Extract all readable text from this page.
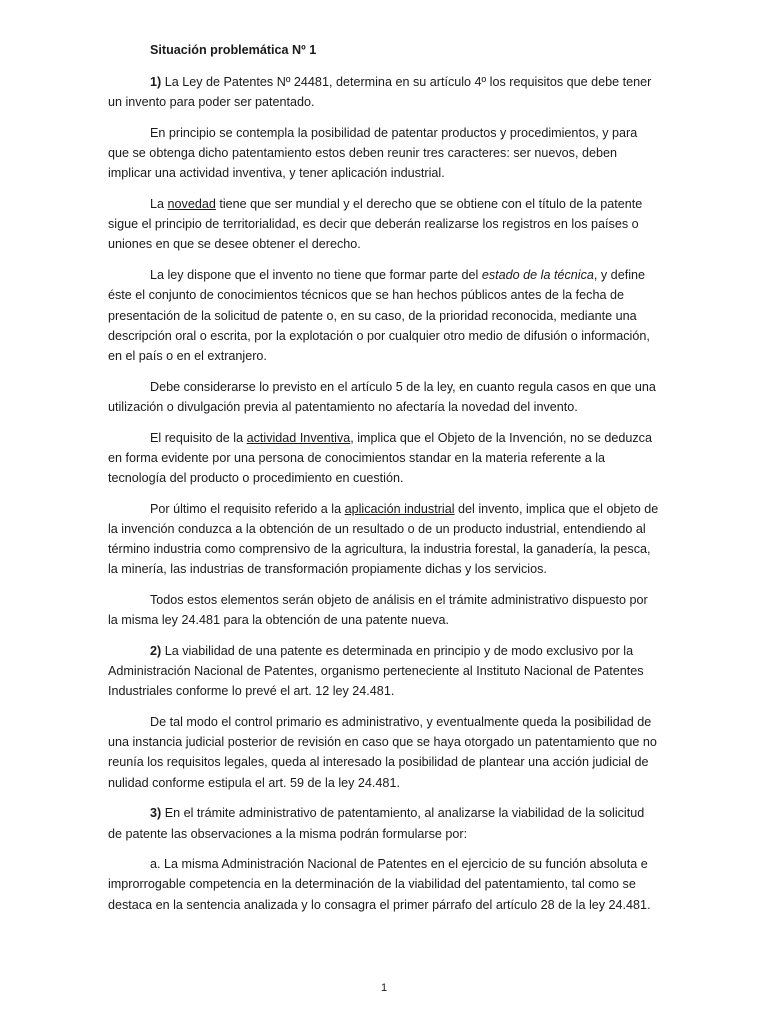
Situación problemática Nº 1

1) La Ley de Patentes Nº 24481, determina en su artículo 4º los requisitos que debe tener un invento para poder ser patentado.

En principio se contempla la posibilidad de patentar productos y procedimientos, y para que se obtenga dicho patentamiento estos deben reunir tres caracteres: ser nuevos, deben implicar una actividad inventiva, y tener aplicación industrial.

La novedad tiene que ser mundial y el derecho que se obtiene con el título de la patente sigue el principio de territorialidad, es decir que deberán realizarse los registros en los países o uniones en que se desee obtener el derecho.

La ley dispone que el invento no tiene que formar parte del estado de la técnica, y define éste el conjunto de conocimientos técnicos que se han hechos públicos antes de la fecha de presentación de la solicitud de patente o, en su caso, de la prioridad reconocida, mediante una descripción oral o escrita, por la explotación o por cualquier otro medio de difusión o información, en el país o en el extranjero.

Debe considerarse lo previsto en el artículo 5 de la ley, en cuanto regula casos en que una utilización o divulgación previa al patentamiento no afectaría la novedad del invento.

El requisito de la actividad Inventiva, implica que el Objeto de la Invención, no se deduzca en forma evidente por una persona de conocimientos standar en la materia referente a la tecnología del producto o procedimiento en cuestión.

Por último el requisito referido a la aplicación industrial del invento, implica que el objeto de la invención conduzca a la obtención de un resultado o de un producto industrial, entendiendo al término industria como comprensivo de la agricultura, la industria forestal, la ganadería, la pesca, la minería, las industrias de transformación propiamente dichas y los servicios.

Todos estos elementos serán objeto de análisis en el trámite administrativo dispuesto por la misma ley 24.481 para la obtención de una patente nueva.

2) La viabilidad de una patente es determinada en principio y de modo exclusivo por la Administración Nacional de Patentes, organismo perteneciente al Instituto Nacional de Patentes Industriales conforme lo prevé el art. 12 ley 24.481.

De tal modo el control primario es administrativo, y eventualmente queda la posibilidad de una instancia judicial posterior de revisión en caso que se haya otorgado un patentamiento que no reunía los requisitos legales, queda al interesado la posibilidad de plantear una acción judicial de nulidad conforme estipula el art. 59 de la ley 24.481.

3) En el trámite administrativo de patentamiento, al analizarse la viabilidad de la solicitud de patente las observaciones a la misma podrán formularse por:

a. La misma Administración Nacional de Patentes en el ejercicio de su función absoluta e improrrogable competencia en la determinación de la viabilidad del patentamiento, tal como se destaca en la sentencia analizada y lo consagra el primer párrafo del artículo 28 de la ley 24.481.

1
